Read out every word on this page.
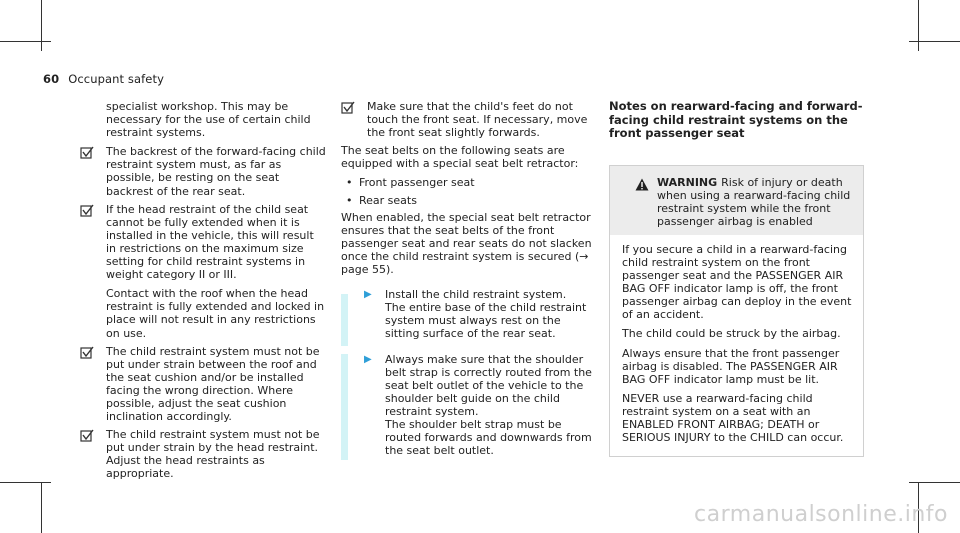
60 Occupant safety

specialist workshop. This may be necessary for the use of certain child restraint systems.

The backrest of the forward-facing child restraint system must, as far as possible, be resting on the seat backrest of the rear seat.

If the head restraint of the child seat cannot be fully extended when it is installed in the vehicle, this will result in restrictions on the maximum size setting for child restraint systems in weight category II or III.

Contact with the roof when the head restraint is fully extended and locked in place will not result in any restrictions on use.

The child restraint system must not be put under strain between the roof and the seat cushion and/or be installed facing the wrong direction. Where possible, adjust the seat cushion inclination accordingly.
The child restraint system must not be put under strain by the head restraint. Adjust the head restraints as appropriate.
Make sure that the child's feet do not touch the front seat. If necessary, move the front seat slightly forwards.

The seat belts on the following seats are equipped with a special seat belt retractor:

• Front passenger seat
• Rear seats

When enabled, the special seat belt retractor ensures that the seat belts of the front passenger seat and rear seats do not slacken once the child restraint system is secured (→ page 55).

▶ Install the child restraint system.
The entire base of the child restraint system must always rest on the sitting surface of the rear seat.
▶ Always make sure that the shoulder belt strap is correctly routed from the seat belt outlet of the vehicle to the shoulder belt guide on the child restraint system.
The shoulder belt strap must be routed forwards and downwards from the seat belt outlet.
Notes on rearward-facing and forward-facing child restraint systems on the front passenger seat
WARNING Risk of injury or death when using a rearward-facing child restraint system while the front passenger airbag is enabled

If you secure a child in a rearward-facing child restraint system on the front passenger seat and the PASSENGER AIR BAG OFF indicator lamp is off, the front passenger airbag can deploy in the event of an accident.

The child could be struck by the airbag.

Always ensure that the front passenger airbag is disabled. The PASSENGER AIR BAG OFF indicator lamp must be lit.

NEVER use a rearward-facing child restraint system on a seat with an ENABLED FRONT AIRBAG; DEATH or SERIOUS INJURY to the CHILD can occur.

carmanualsonline.info
